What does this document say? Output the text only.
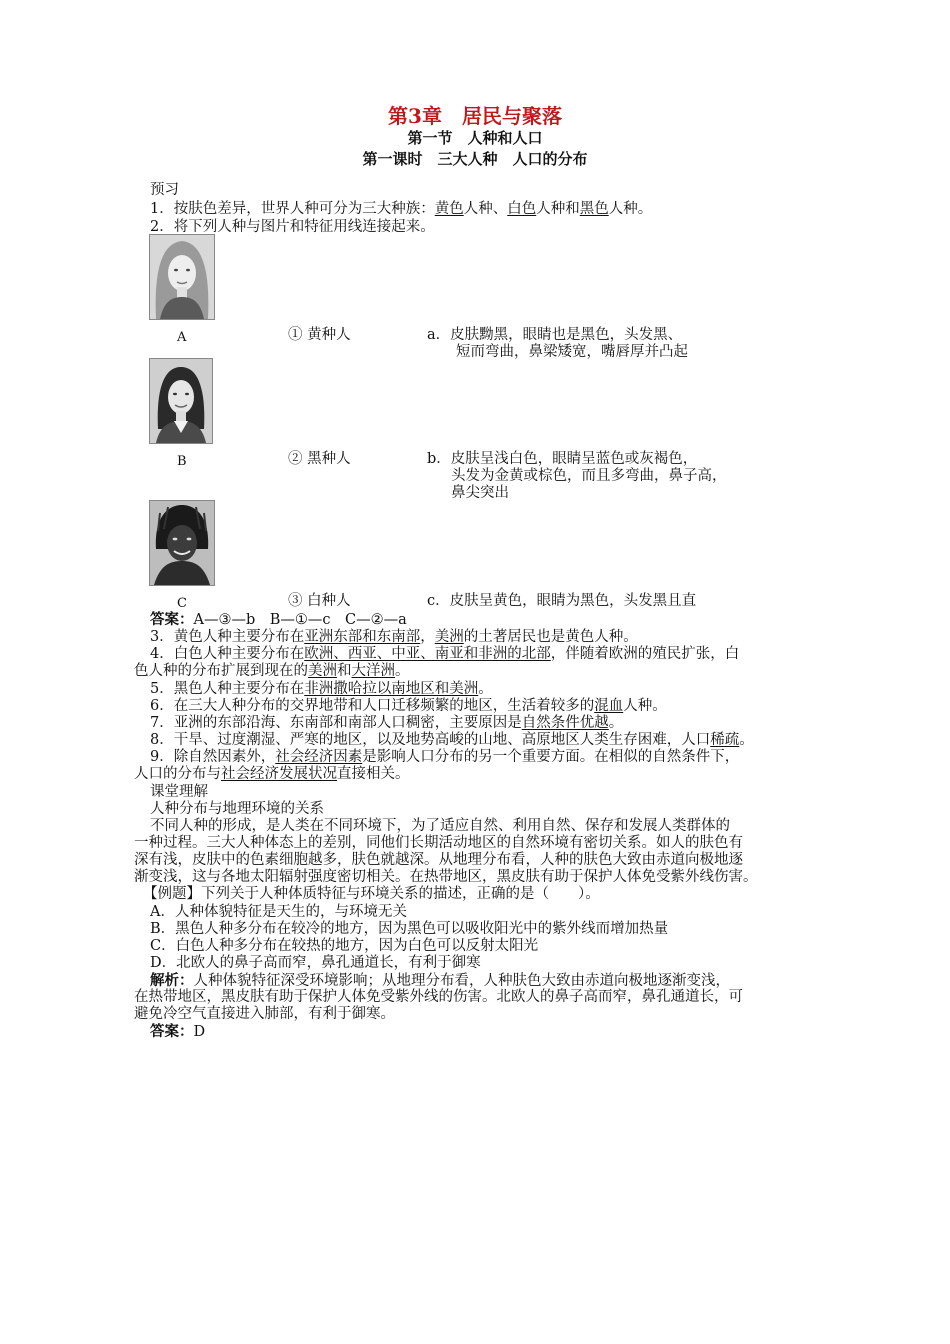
第3章　居民与聚落
第一节　人种和人口
第一课时　三大人种　人口的分布
预习
1．按肤色差异，世界人种可分为三大种族：黄色人种、白色人种和黑色人种。
2．将下列人种与图片和特征用线连接起来。
A	① 黄种人	a．皮肤黝黑，眼睛也是黑色，头发黑、
短而弯曲，鼻梁矮宽，嘴唇厚并凸起
B	② 黑种人	b．皮肤呈浅白色，眼睛呈蓝色或灰褐色，
头发为金黄或棕色，而且多弯曲，鼻子高，
鼻尖突出
C	③ 白种人	c．皮肤呈黄色，眼睛为黑色，头发黑且直
答案：A—③—b　B—①—c　C—②—a
3．黄色人种主要分布在亚洲东部和东南部，美洲的土著居民也是黄色人种。
4．白色人种主要分布在欧洲、西亚、中亚、南亚和非洲的北部，伴随着欧洲的殖民扩张，白
色人种的分布扩展到现在的美洲和大洋洲。
5．黑色人种主要分布在非洲撒哈拉以南地区和美洲。
6．在三大人种分布的交界地带和人口迁移频繁的地区，生活着较多的混血人种。
7．亚洲的东部沿海、东南部和南部人口稠密，主要原因是自然条件优越。
8．干旱、过度潮湿、严寒的地区，以及地势高峻的山地、高原地区人类生存困难，人口稀疏。
9．除自然因素外，社会经济因素是影响人口分布的另一个重要方面。在相似的自然条件下，
人口的分布与社会经济发展状况直接相关。
课堂理解
人种分布与地理环境的关系
不同人种的形成，是人类在不同环境下，为了适应自然、利用自然、保存和发展人类群体的
一种过程。三大人种体态上的差别，同他们长期活动地区的自然环境有密切关系。如人的肤色有
深有浅，皮肤中的色素细胞越多，肤色就越深。从地理分布看，人种的肤色大致由赤道向极地逐
渐变浅，这与各地太阳辐射强度密切相关。在热带地区，黑皮肤有助于保护人体免受紫外线伤害。
【例题】下列关于人种体质特征与环境关系的描述，正确的是（　　）。
A．人种体貌特征是天生的，与环境无关
B．黑色人种多分布在较冷的地方，因为黑色可以吸收阳光中的紫外线而增加热量
C．白色人种多分布在较热的地方，因为白色可以反射太阳光
D．北欧人的鼻子高而窄，鼻孔通道长，有利于御寒
解析：人种体貌特征深受环境影响；从地理分布看，人种肤色大致由赤道向极地逐渐变浅，
在热带地区，黑皮肤有助于保护人体免受紫外线的伤害。北欧人的鼻子高而窄，鼻孔通道长，可
避免冷空气直接进入肺部，有利于御寒。
答案：D
